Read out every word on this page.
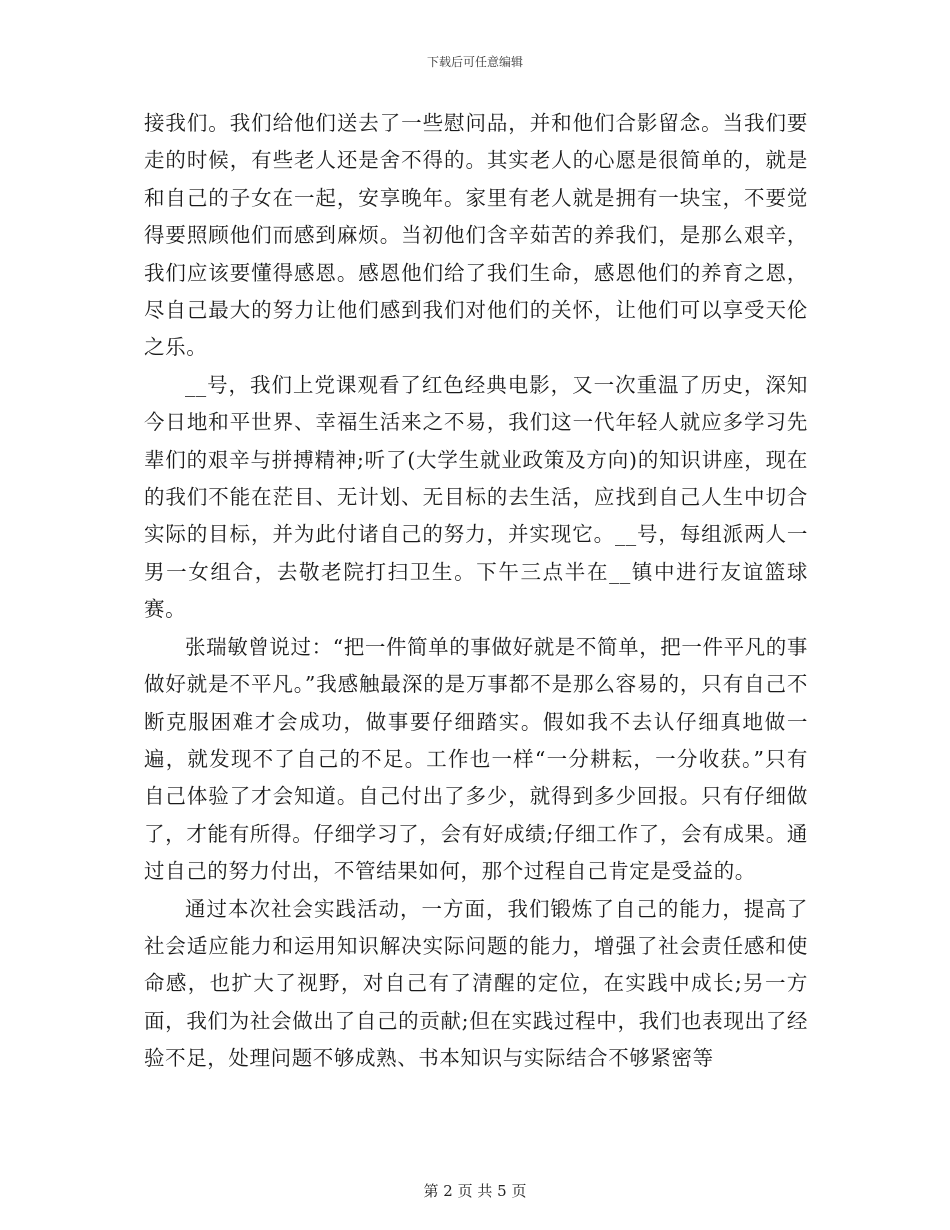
下载后可任意编辑

接我们。我们给他们送去了一些慰问品，并和他们合影留念。当我们要走的时候，有些老人还是舍不得的。其实老人的心愿是很简单的，就是和自己的子女在一起，安享晚年。家里有老人就是拥有一块宝，不要觉得要照顾他们而感到麻烦。当初他们含辛茹苦的养我们，是那么艰辛，我们应该要懂得感恩。感恩他们给了我们生命，感恩他们的养育之恩，尽自己最大的努力让他们感到我们对他们的关怀，让他们可以享受天伦之乐。

__号，我们上党课观看了红色经典电影，又一次重温了历史，深知今日地和平世界、幸福生活来之不易，我们这一代年轻人就应多学习先辈们的艰辛与拼搏精神;听了(大学生就业政策及方向)的知识讲座，现在的我们不能在茫目、无计划、无目标的去生活，应找到自己人生中切合实际的目标，并为此付诸自己的努力，并实现它。__号，每组派两人一男一女组合，去敬老院打扫卫生。下午三点半在__镇中进行友谊篮球赛。

张瑞敏曾说过：“把一件简单的事做好就是不简单，把一件平凡的事做好就是不平凡。”我感触最深的是万事都不是那么容易的，只有自己不断克服困难才会成功，做事要仔细踏实。假如我不去认仔细真地做一遍，就发现不了自己的不足。工作也一样“一分耕耘，一分收获。”只有自己体验了才会知道。自己付出了多少，就得到多少回报。只有仔细做了，才能有所得。仔细学习了，会有好成绩;仔细工作了，会有成果。通过自己的努力付出，不管结果如何，那个过程自己肯定是受益的。

通过本次社会实践活动，一方面，我们锻炼了自己的能力，提高了社会适应能力和运用知识解决实际问题的能力，增强了社会责任感和使命感，也扩大了视野，对自己有了清醒的定位，在实践中成长;另一方面，我们为社会做出了自己的贡献;但在实践过程中，我们也表现出了经验不足，处理问题不够成熟、书本知识与实际结合不够紧密等

第 2 页 共 5 页
